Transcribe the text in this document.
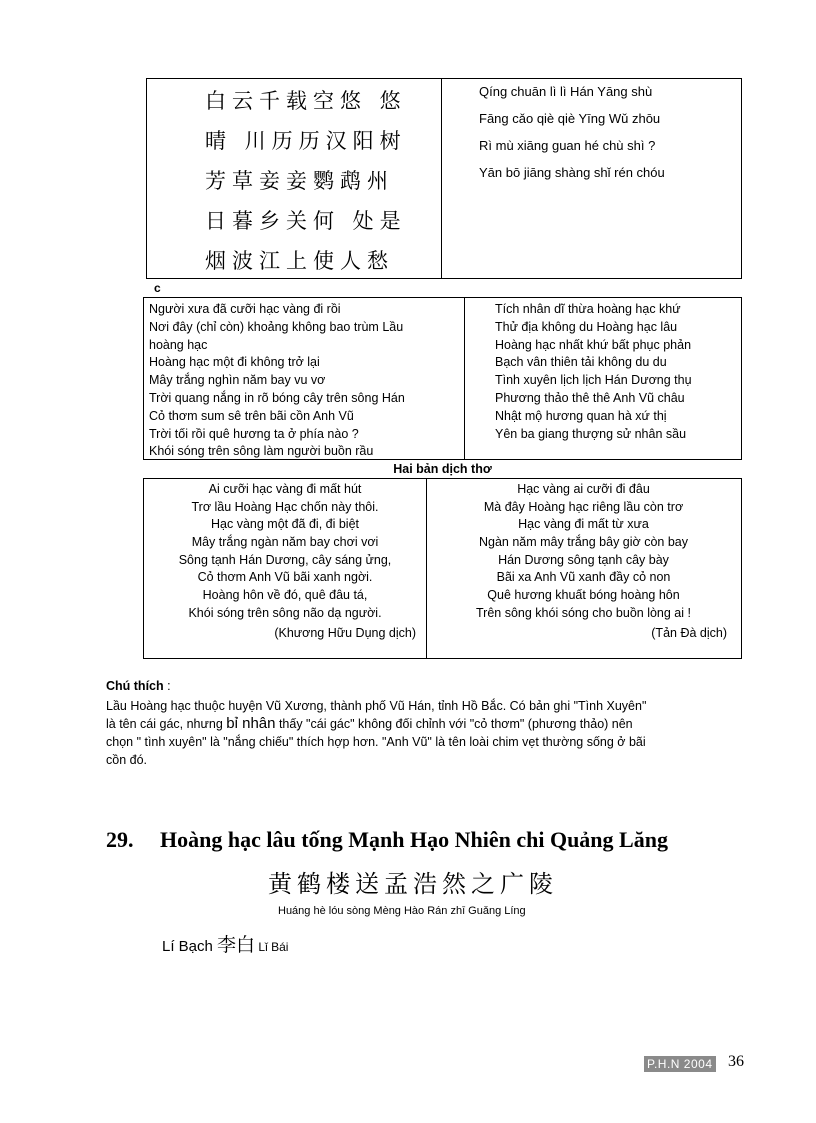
白云千载空悠 悠
晴 川历历汉阳树
芳草妾妾鹦鹉州
日暮乡关何 处是
烟波江上使人愁
Qíng chuān lì lì Hán Yāng shù
Fāng cǎo qiè qiè Yīng Wǔ zhōu
Rì mù xiāng guan hé chù shì ?
Yān bō jiāng shàng shǐ rén chóu
c
Người xưa đã cưỡi hạc vàng đi rồi
Nơi đây (chỉ còn) khoảng không bao trùm Lầu
hoàng hạc
Hoàng hạc một đi không trở lại
Mây trắng nghìn năm bay vu vơ
Trời quang nắng in rõ bóng cây trên sông Hán
Cỏ thơm sum sê trên bãi cồn Anh Vũ
Trời tối rồi quê hương ta ở phía nào ?
Khói sóng trên sông làm người buồn rầu
Tích nhân dĩ thừa hoàng hạc khứ
Thử địa không du Hoàng hạc lâu
Hoàng hạc nhất khứ bất phục phản
Bạch vân thiên tải không du du
Tình xuyên lịch lịch Hán Dương thụ
Phương thảo thê thê Anh Vũ châu
Nhật mộ hương quan hà xứ thị
Yên ba giang thượng sử nhân sầu
Hai bản dịch thơ
Ai cưỡi hạc vàng đi mất hút
Trơ lầu Hoàng Hạc chốn này thôi.
Hạc vàng một đã đi, đi biệt
Mây trắng ngàn năm bay chơi vơi
Sông tạnh Hán Dương, cây sáng ửng,
Cỏ thơm Anh Vũ bãi xanh ngời.
Hoàng hôn về đó, quê đâu tá,
Khói sóng trên sông não dạ người.
(Khương Hữu Dụng dịch)
Hạc vàng ai cưỡi đi đâu
Mà đây Hoàng hạc riêng lầu còn trơ
Hạc vàng đi mất từ xưa
Ngàn năm mây trắng bây giờ còn bay
Hán Dương sông tạnh cây bày
Bãi xa Anh Vũ xanh đầy cỏ non
Quê hương khuất bóng hoàng hôn
Trên sông khói sóng cho buồn lòng ai !
(Tản Đà dịch)
Chú thích :
Lầu Hoàng hạc thuộc huyện Vũ Xương, thành phố Vũ Hán, tỉnh Hồ Bắc. Có bản ghi "Tình Xuyên"
là tên cái gác, nhưng bỉ nhân thấy "cái gác" không đối chỉnh với "cỏ thơm" (phương thảo) nên
chọn " tình xuyên" là "nắng chiếu" thích hợp hơn. "Anh Vũ" là tên loài chim vẹt thường sống ở bãi
cồn đó.
29. Hoàng hạc lâu tống Mạnh Hạo Nhiên chi Quảng Lăng
黄鹤楼送孟浩然之广陵
Huáng hè lóu sòng Mèng Hào Rán zhī Guǎng Líng
Lí Bạch 李白 Lǐ Bái
P.H.N 2004 36
